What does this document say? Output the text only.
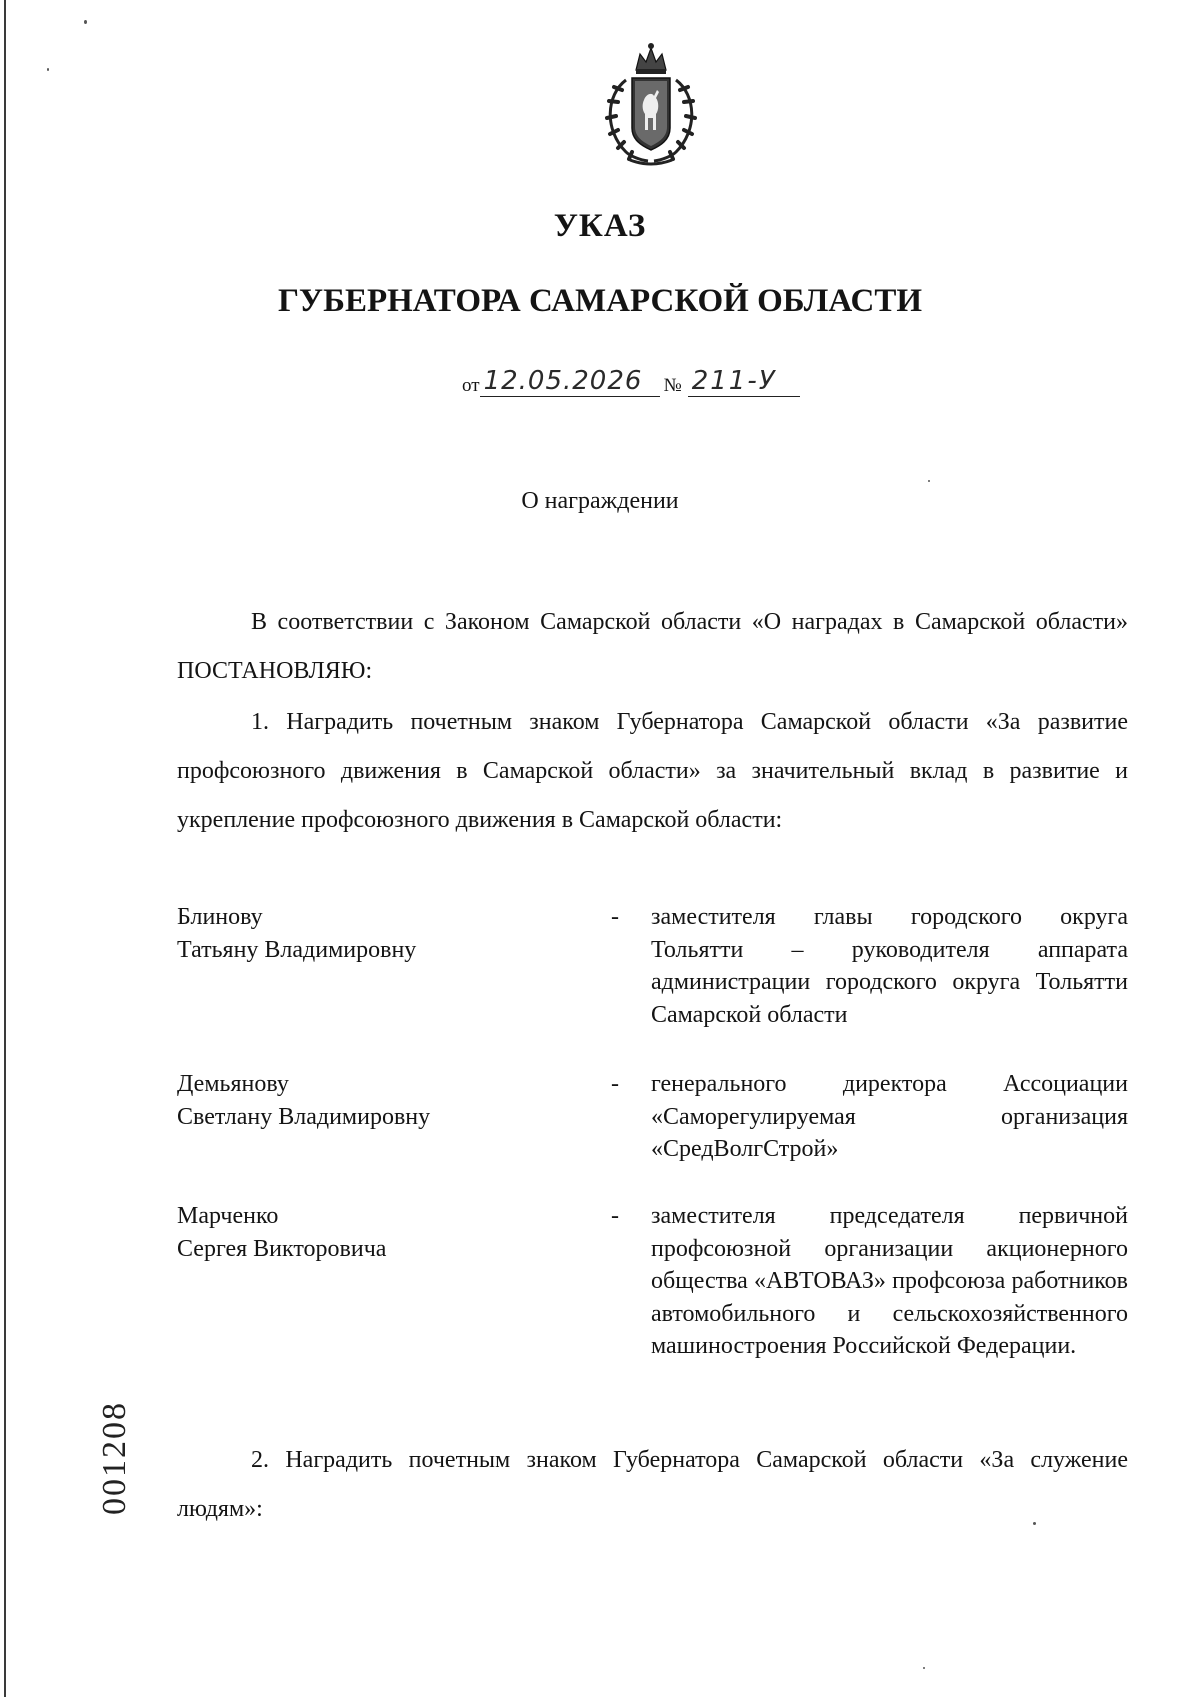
УКАЗ
ГУБЕРНАТОРА САМАРСКОЙ ОБЛАСТИ
от 12.05.2026	№ 211-У
О награждении

В соответствии с Законом Самарской области «О наградах в Самарской области» ПОСТАНОВЛЯЮ:

1. Наградить почетным знаком Губернатора Самарской области «За развитие профсоюзного движения в Самарской области» за значительный вклад в развитие и укрепление профсоюзного движения в Самарской области:

Блинову
Татьяну Владимировну
- заместителя главы городского округа Тольятти – руководителя аппарата администрации городского округа Тольятти Самарской области
Демьянову
Светлану Владимировну
- генерального директора Ассоциации «Саморегулируемая организация «СредВолгСтрой»
Марченко
Сергея Викторовича
- заместителя председателя первичной профсоюзной организации акционерного общества «АВТОВАЗ» профсоюза работников автомобильного и сельскохозяйственного машиностроения Российской Федерации.

2. Наградить почетным знаком Губернатора Самарской области «За служение людям»:

001208
